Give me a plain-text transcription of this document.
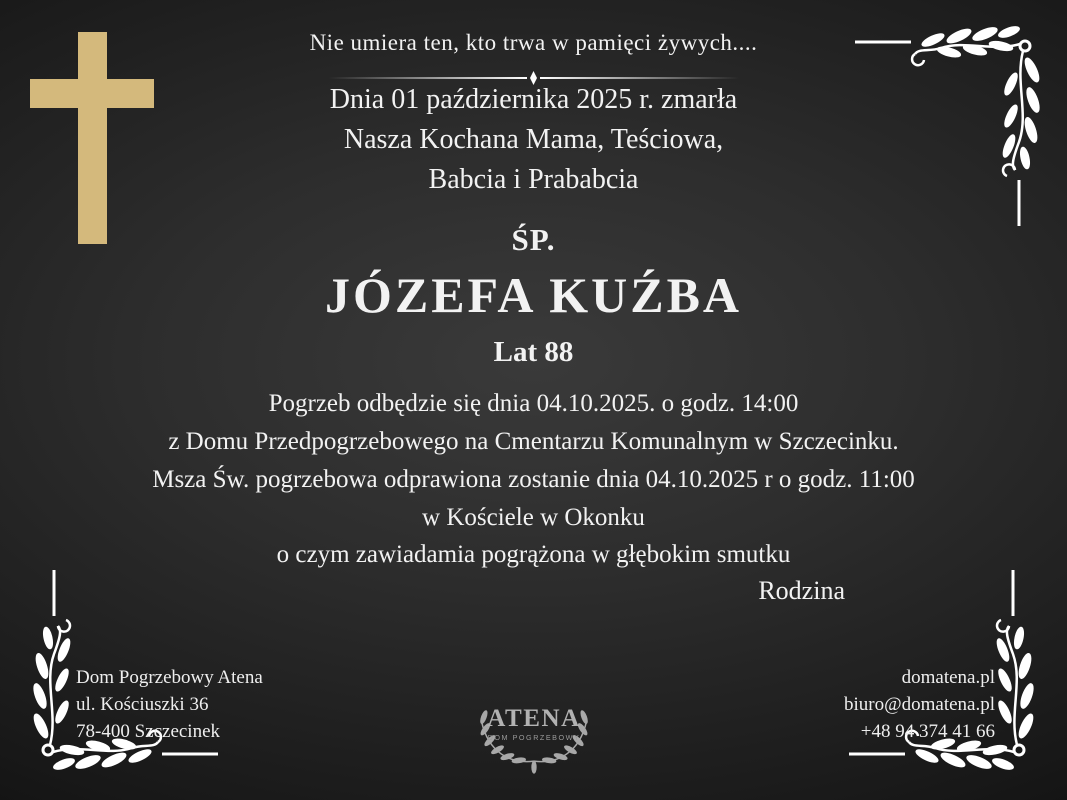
Nie umiera ten, kto trwa w pamięci żywych....
Dnia 01 października 2025 r. zmarła
Nasza Kochana Mama, Teściowa,
Babcia i Prababcia
ŚP.
JÓZEFA KUŹBA
Lat 88
Pogrzeb odbędzie się dnia 04.10.2025. o godz. 14:00
z Domu Przedpogrzebowego na Cmentarzu Komunalnym w Szczecinku.
Msza Św. pogrzebowa odprawiona zostanie dnia 04.10.2025 r o godz. 11:00
w Kościele w Okonku
o czym zawiadamia pogrążona w głębokim smutku
Rodzina
Dom Pogrzebowy Atena
ul. Kościuszki 36
78-400 Szczecinek	ATENA
DOM POGRZEBOWY
domatena.pl
biuro@domatena.pl
+48 94 374 41 66
